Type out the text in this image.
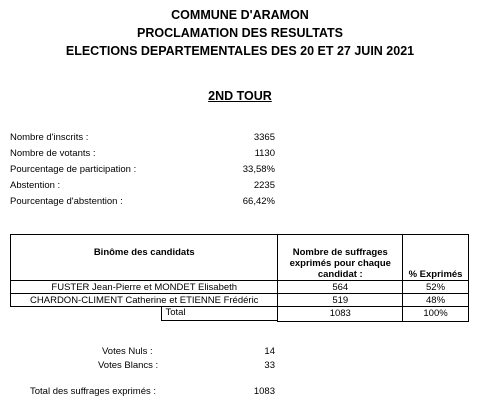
COMMUNE D'ARAMON
PROCLAMATION DES RESULTATS
ELECTIONS DEPARTEMENTALES DES 20 ET 27 JUIN 2021
2ND TOUR
Nombre d'inscrits :	3365
Nombre de votants :	1130
Pourcentage de participation :	33,58%
Abstention :	2235
Pourcentage d'abstention :	66,42%
Binôme des candidats	Nombre de suffrages exprimés pour chaque candidat :	% Exprimés
FUSTER Jean-Pierre et MONDET Elisabeth	564	52%
CHARDON-CLIMENT Catherine et ETIENNE Frédéric	519	48%

Total	1083	100%
Votes Nuls :	14
Votes Blancs :	33
Total des suffrages exprimés :	1083
